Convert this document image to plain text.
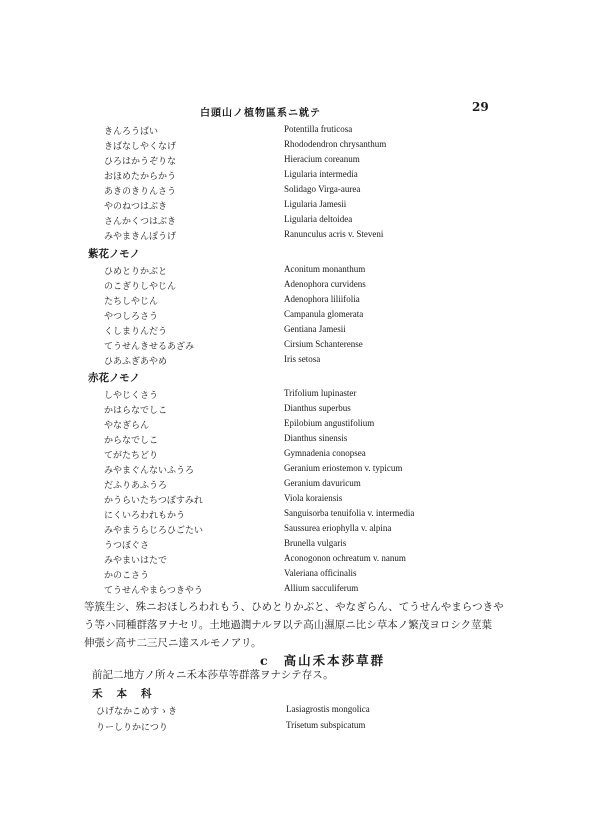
白頭山ノ植物區系ニ就テ	29
きんろうばい	Potentilla fruticosa
きばなしやくなげ	Rhododendron chrysanthum
ひろはかうぞりな	Hieracium coreanum
おほめたからかう	Ligularia intermedia
あきのきりんさう	Solidago Virga-aurea
やのねつはぶき	Ligularia Jamesii
さんかくつはぶき	Ligularia deltoidea
みやまきんぽうげ	Ranunculus acris v. Steveni
紫花ノモノ
ひめとりかぶと	Aconitum monanthum
のこぎりしやじん	Adenophora curvidens
たちしやじん	Adenophora liliifolia
やつしろさう	Campanula glomerata
くしまりんだう	Gentiana Jamesii
てうせんきせるあざみ	Cirsium Schanterense
ひあふぎあやめ	Iris setosa
赤花ノモノ
しやじくさう	Trifolium lupinaster
かはらなでしこ	Dianthus superbus
やなぎらん	Epilobium angustifolium
からなでしこ	Dianthus sinensis
てがたちどり	Gymnadenia conopsea
みやまぐんないふうろ	Geranium eriostemon v. typicum
だふりあふうろ	Geranium davuricum
かうらいたちつぼすみれ	Viola koraiensis
にくいろわれもかう	Sanguisorba tenuifolia v. intermedia
みやまうらじろひごたい	Saussurea eriophylla v. alpina
うつぼぐさ	Brunella vulgaris
みやまいはたで	Aconogonon ochreatum v. nanum
かのこさう	Valeriana officinalis
てうせんやまらつきやう	Allium sacculiferum
等簇生シ、殊ニおほしろわれもう、ひめとりかぶと、やなぎらん、てうせんやまらつきや
う等ハ同種群落ヲナセリ。土地過潤ナルヲ以テ高山濕原ニ比シ草本ノ繁茂ヨロシク莖葉
伸張シ高サ二三尺ニ達スルモノアリ。
c 高山禾本莎草群
前記二地方ノ所々ニ禾本莎草等群落ヲナシテ存ス。
禾本科
ひげなかこめすゝき	Lasiagrostis mongolica
りーしりかにつり	Trisetum subspicatum
